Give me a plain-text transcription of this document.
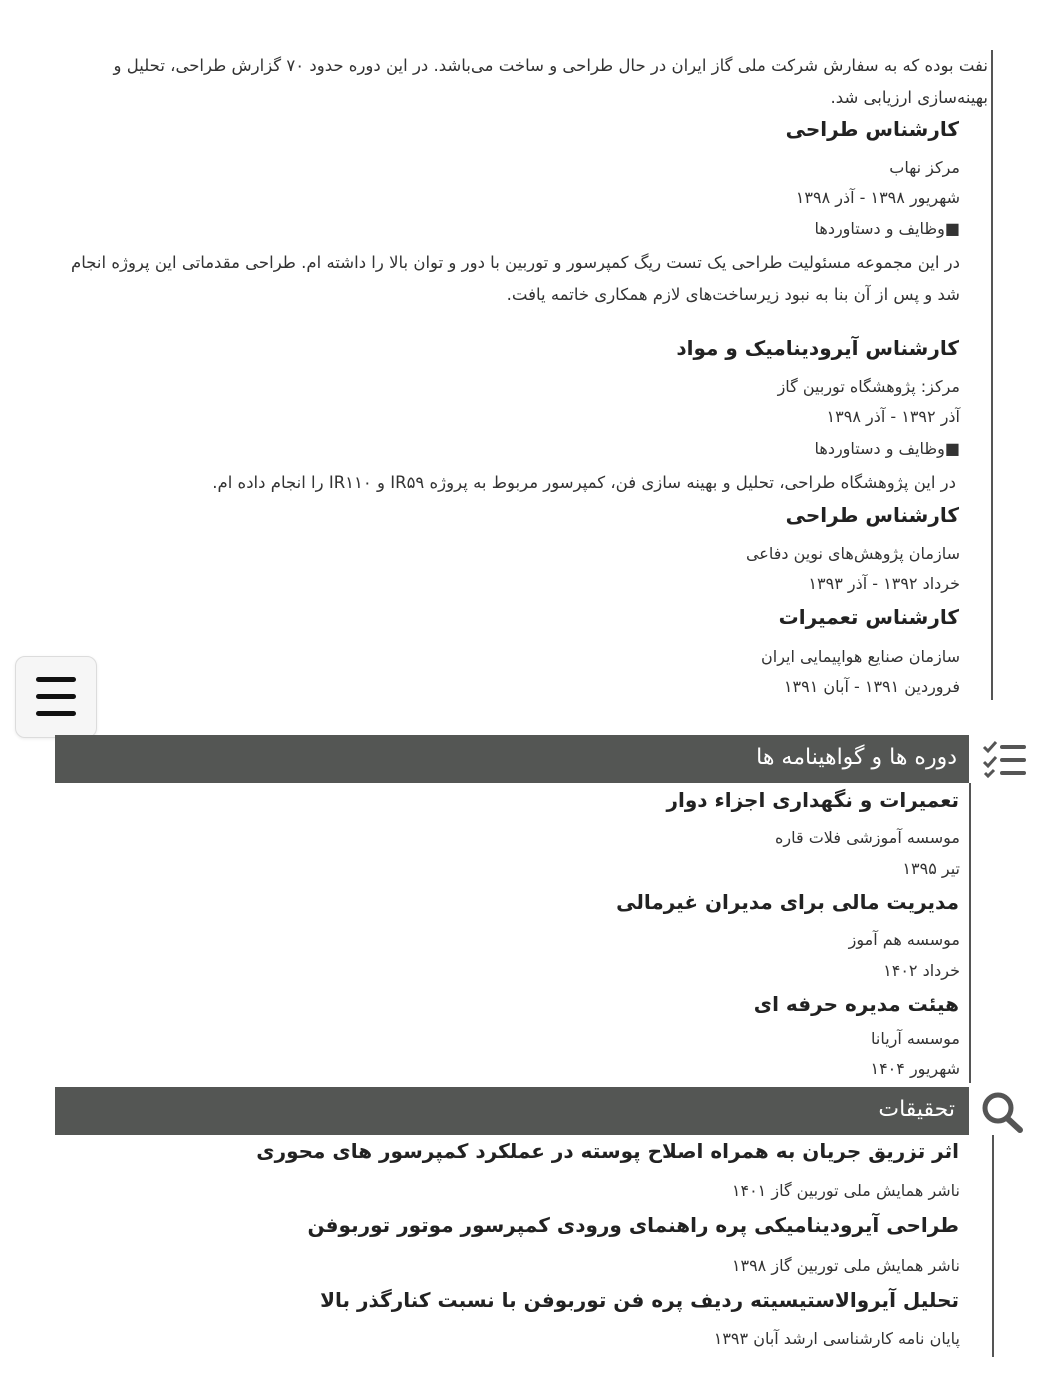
نفت بوده که به سفارش شرکت ملی گاز ایران در حال طراحی و ساخت می‌باشد. در این دوره حدود ۷۰ گزارش طراحی، تحلیل و
بهینه‌سازی ارزیابی شد.
کارشناس طراحی
مرکز نهاب
شهریور ۱۳۹۸ - آذر ۱۳۹۸
■وظایف و دستاوردها
در این مجموعه مسئولیت طراحی یک تست ریگ کمپرسور و توربین با دور و توان بالا را داشته ام. طراحی مقدماتی این پروژه انجام
شد و پس از آن بنا به نبود زیرساخت‌های لازم همکاری خاتمه یافت.
کارشناس آیرودینامیک و مواد
مرکز: پژوهشگاه توربین گاز
آذر ۱۳۹۲ - آذر ۱۳۹۸
■وظایف و دستاوردها
در این پژوهشگاه طراحی، تحلیل و بهینه سازی فن، کمپرسور مربوط به پروژه IR۵۹ و IR۱۱۰ را انجام داده ام.
کارشناس طراحی
سازمان پژوهش‌های نوین دفاعی
خرداد ۱۳۹۲ - آذر ۱۳۹۳
کارشناس تعمیرات
سازمان صنایع هواپیمایی ایران
فروردین ۱۳۹۱ - آبان ۱۳۹۱
دوره ها و گواهینامه ها
تعمیرات و نگهداری اجزاء دوار
موسسه آموزشی فلات قاره
تیر ۱۳۹۵
مدیریت مالی برای مدیران غیرمالی
موسسه هم آموز
خرداد ۱۴۰۲
هیئت مدیره حرفه ای
موسسه آریانا
شهریور ۱۴۰۴
تحقیقات
اثر تزریق جریان به همراه اصلاح پوسته در عملکرد کمپرسور های محوری
ناشر همایش ملی توربین گاز ۱۴۰۱
طراحی آیرودینامیکی پره راهنمای ورودی کمپرسور موتور توربوفن
ناشر همایش ملی توربین گاز ۱۳۹۸
تحلیل آیروالاستیسیته ردیف پره فن توربوفن با نسبت کنارگذر بالا
پایان نامه کارشناسی ارشد آبان ۱۳۹۳
